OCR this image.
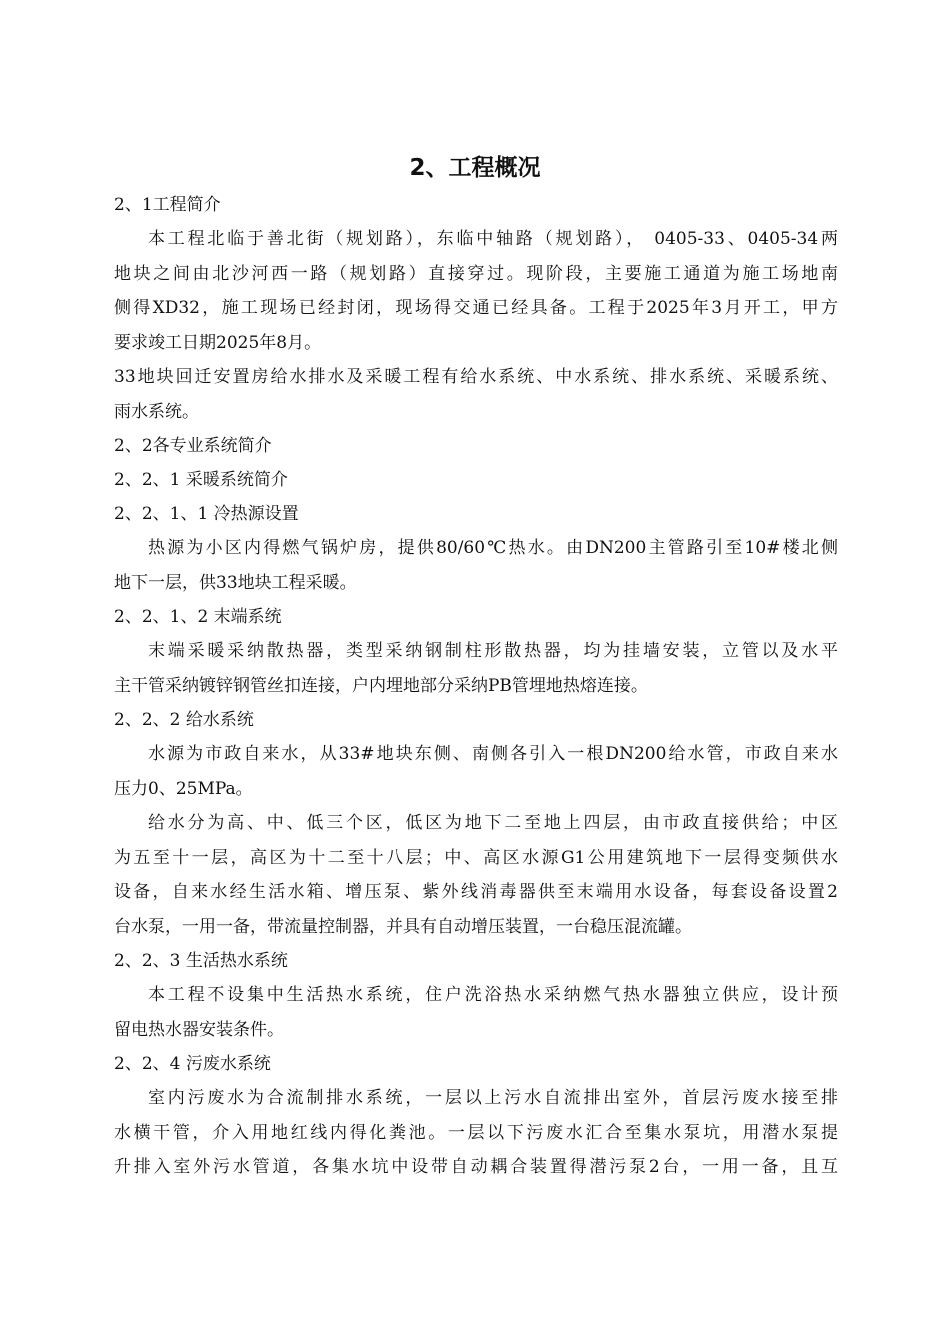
2、工程概况
2、1工程简介
本工程北临于善北街（规划路），东临中轴路（规划路）， 0405-33、0405-34两
地块之间由北沙河西一路（规划路）直接穿过。现阶段，主要施工通道为施工场地南
侧得XD32，施工现场已经封闭，现场得交通已经具备。工程于2025年3月开工，甲方
要求竣工日期2025年8月。
33地块回迁安置房给水排水及采暖工程有给水系统、中水系统、排水系统、采暖系统、
雨水系统。
2、2各专业系统简介
2、2、1 采暖系统简介
2、2、1、1 冷热源设置
热源为小区内得燃气锅炉房，提供80/60℃热水。由DN200主管路引至10#楼北侧
地下一层，供33地块工程采暖。
2、2、1、2 末端系统
末端采暖采纳散热器，类型采纳钢制柱形散热器，均为挂墙安装，立管以及水平
主干管采纳镀锌钢管丝扣连接，户内埋地部分采纳PB管埋地热熔连接。
2、2、2 给水系统
水源为市政自来水，从33#地块东侧、南侧各引入一根DN200给水管，市政自来水
压力0、25MPa。
给水分为高、中、低三个区，低区为地下二至地上四层，由市政直接供给；中区
为五至十一层，高区为十二至十八层；中、高区水源G1公用建筑地下一层得变频供水
设备，自来水经生活水箱、增压泵、紫外线消毒器供至末端用水设备，每套设备设置2
台水泵，一用一备，带流量控制器，并具有自动增压装置，一台稳压混流罐。
2、2、3 生活热水系统
本工程不设集中生活热水系统，住户洗浴热水采纳燃气热水器独立供应，设计预
留电热水器安装条件。
2、2、4 污废水系统
室内污废水为合流制排水系统，一层以上污水自流排出室外，首层污废水接至排
水横干管，介入用地红线内得化粪池。一层以下污废水汇合至集水泵坑，用潜水泵提
升排入室外污水管道，各集水坑中设带自动耦合装置得潜污泵2台，一用一备，且互
